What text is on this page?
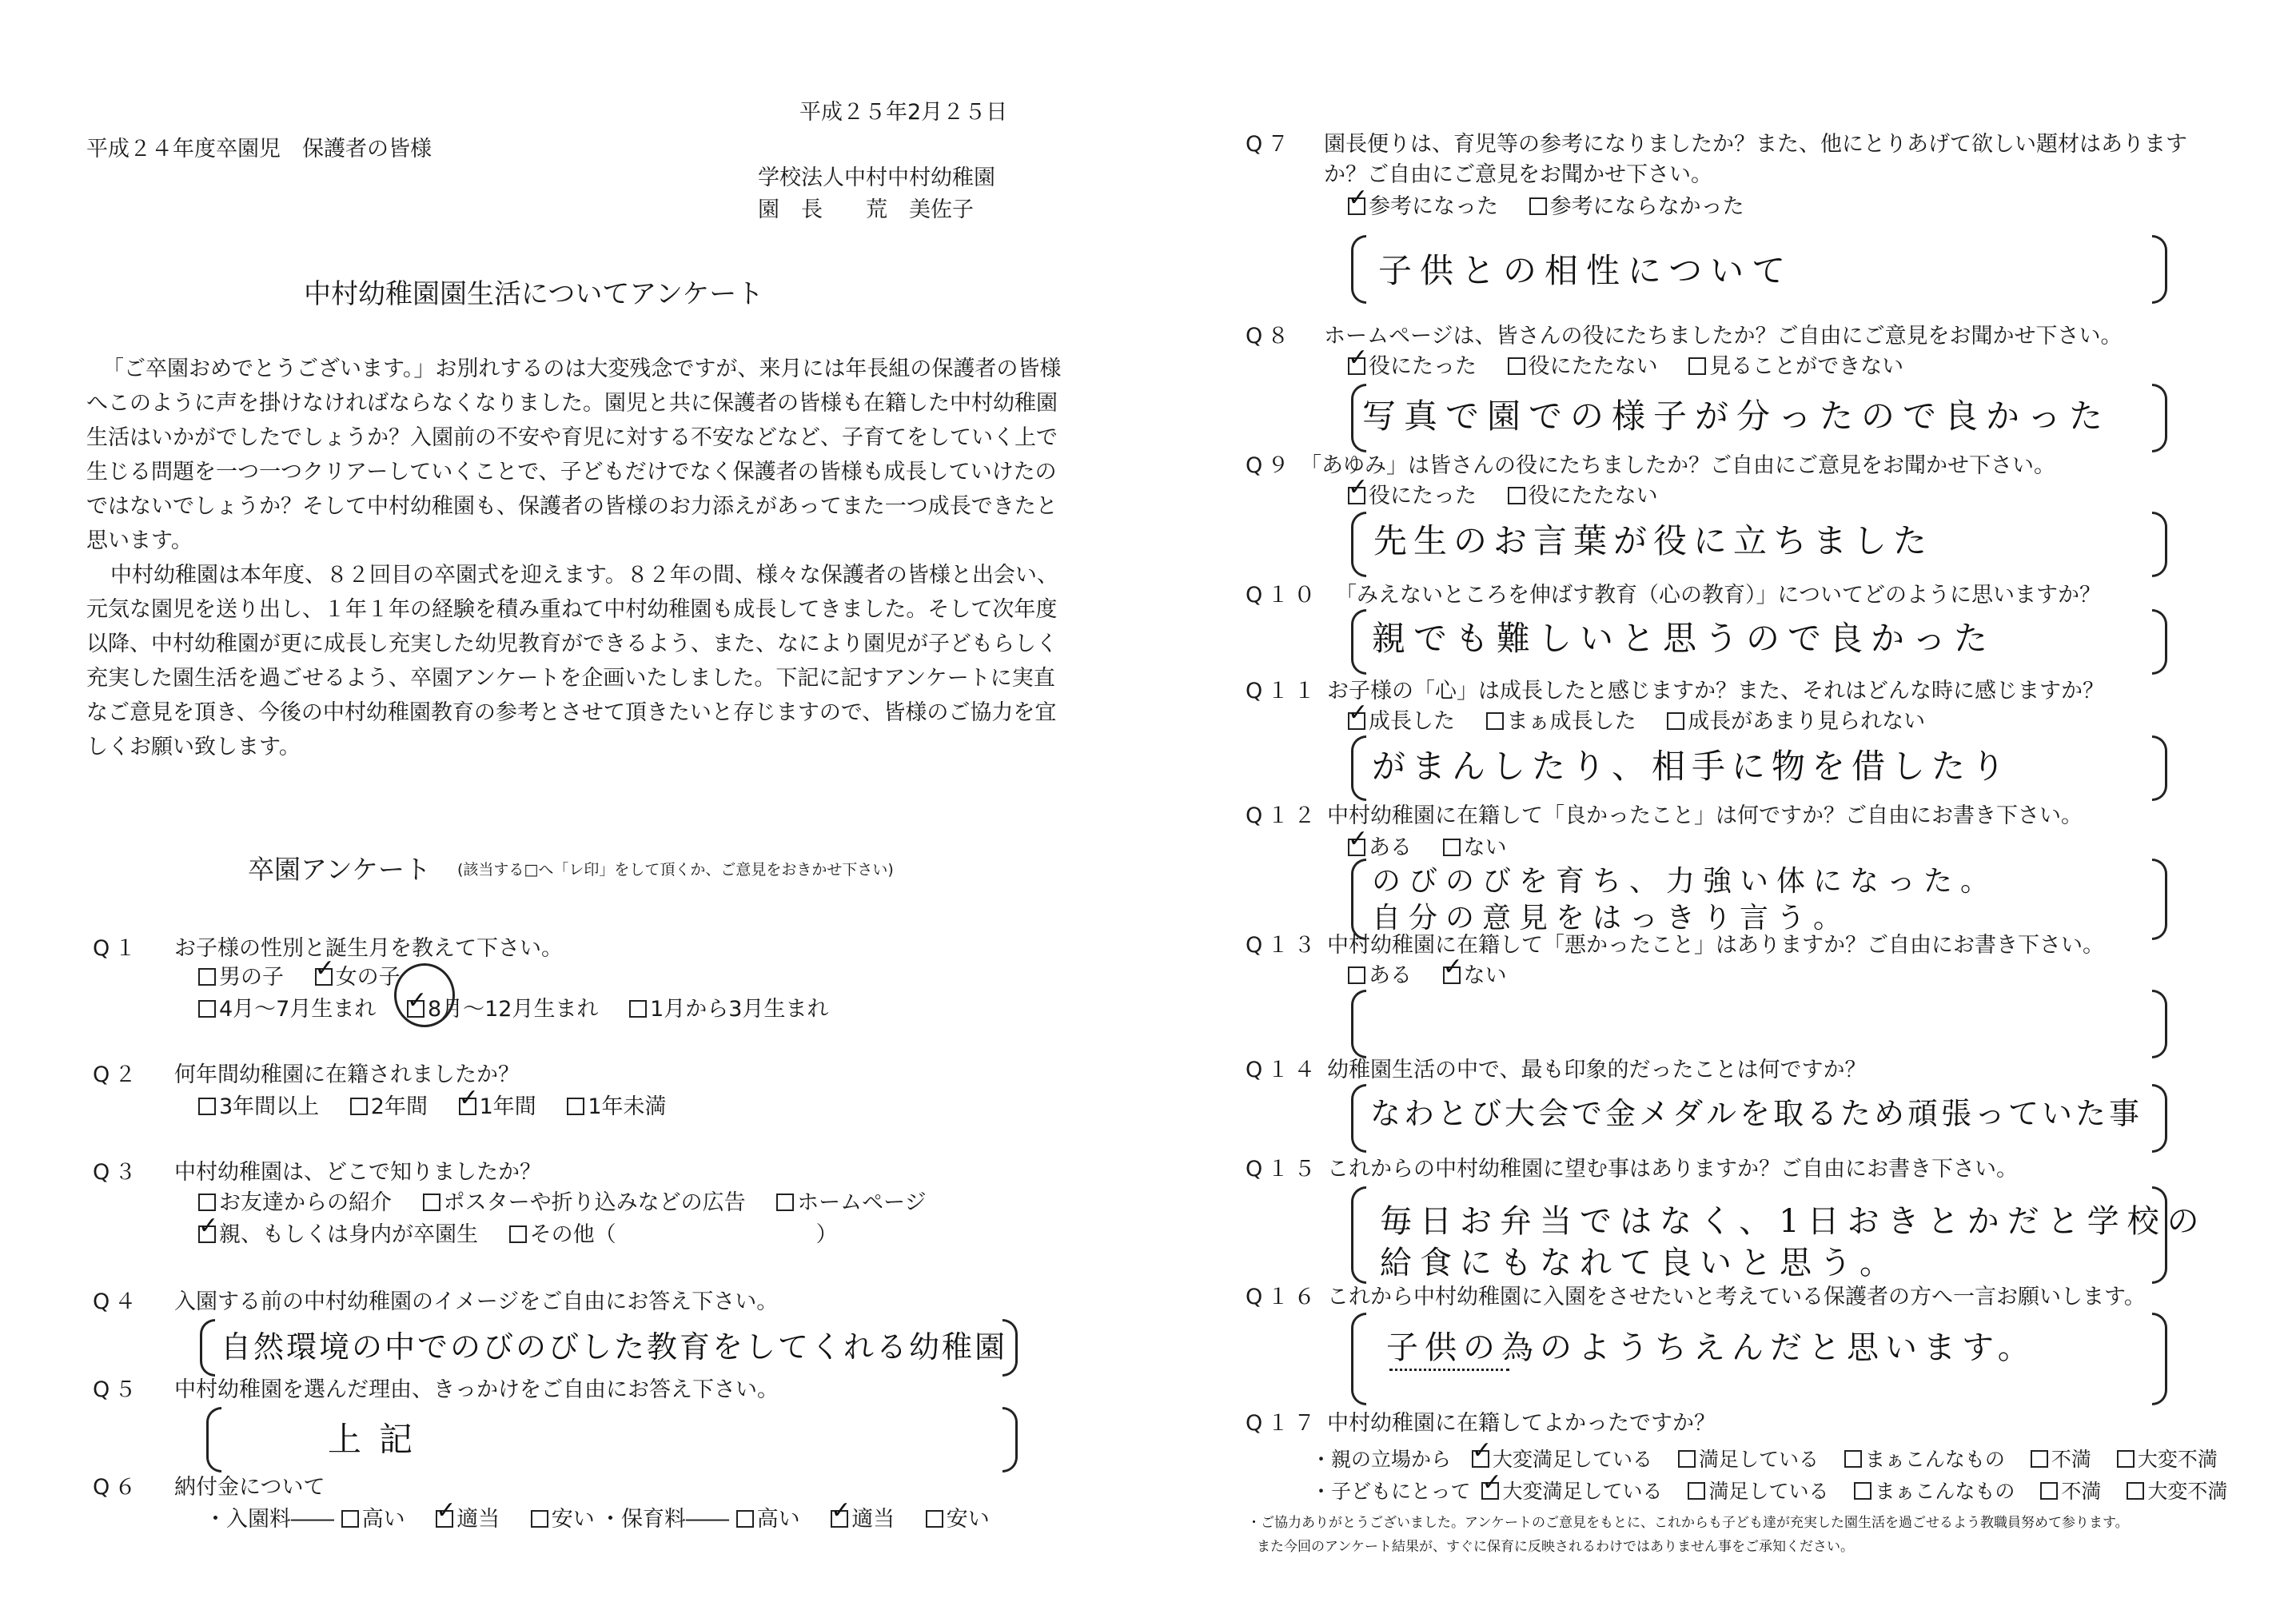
平成２５年2月２５日
平成２４年度卒園児　保護者の皆様
学校法人中村中村幼稚園
園　長　　荒　美佐子
中村幼稚園園生活についてアンケート
「ご卒園おめでとうございます。」お別れするのは大変残念ですが、来月には年長組の保護者の皆様へこのように声を掛けなければならなくなりました。園児と共に保護者の皆様も在籍した中村幼稚園生活はいかがでしたでしょうか？入園前の不安や育児に対する不安などなど、子育てをしていく上で生じる問題を一つ一つクリアーしていくことで、子どもだけでなく保護者の皆様も成長していけたのではないでしょうか？そして中村幼稚園も、保護者の皆様のお力添えがあってまた一つ成長できたと思います。
中村幼稚園は本年度、８２回目の卒園式を迎えます。８２年の間、様々な保護者の皆様と出会い、元気な園児を送り出し、１年１年の経験を積み重ねて中村幼稚園も成長してきました。そして次年度以降、中村幼稚園が更に成長し充実した幼児教育ができるよう、また、なにより園児が子どもらしく充実した園生活を過ごせるよう、卒園アンケートを企画いたしました。下記に記すアンケートに実直なご意見を頂き、今後の中村幼稚園教育の参考とさせて頂きたいと存じますので、皆様のご協力を宜しくお願い致します。
卒園アンケート (該当する□へ「レ印」をして頂くか、ご意見をおきかせ下さい)
Q１ お子様の性別と誕生月を教えて下さい。
男の子 ✓ 女の子
4月～7月生まれ ✓ 8月～12月生まれ 1月から3月生まれ
Q２ 何年間幼稚園に在籍されましたか？
3年間以上 2年間 ✓ 1年間 1年未満
Q３ 中村幼稚園は、どこで知りましたか？
お友達からの紹介 ポスターや折り込みなどの広告 ホームページ
✓親、もしくは身内が卒園生 その他（	）
Q４ 入園する前の中村幼稚園のイメージをご自由にお答え下さい。
自然環境の中でのびのびした教育をしてくれる幼稚園
Q５ 中村幼稚園を選んだ理由、きっかけをご自由にお答え下さい。
上記
Q６ 納付金について
・入園料―― 高い ✓ 適当 安い ・保育料―― 高い ✓ 適当 安い
Q７ 園長便りは、育児等の参考になりましたか？また、他にとりあげて欲しい題材はあります
か？ご自由にご意見をお聞かせ下さい。
✓参考になった 参考にならなかった
子供との相性について
Q８ ホームページは、皆さんの役にたちましたか？ご自由にご意見をお聞かせ下さい。
✓役にたった 役にたたない 見ることができない
写真で園での様子が分ったので良かった
Q９ 「あゆみ」は皆さんの役にたちましたか？ご自由にご意見をお聞かせ下さい。
✓役にたった 役にたたない
先生のお言葉が役に立ちました
Q１０ 「みえないところを伸ばす教育（心の教育）」についてどのように思いますか？
親でも難しいと思うので良かった
Q１１ お子様の「心」は成長したと感じますか？また、それはどんな時に感じますか？
✓成長した まぁ成長した 成長があまり見られない
がまんしたり、相手に物を借したり
Q１２ 中村幼稚園に在籍して「良かったこと」は何ですか？ご自由にお書き下さい。
✓ある ない
のびのびを育ち、力強い体になった。
自分の意見をはっきり言う。
Q１３ 中村幼稚園に在籍して「悪かったこと」はありますか？ご自由にお書き下さい。
ある ✓ ない
Q１４ 幼稚園生活の中で、最も印象的だったことは何ですか？
なわとび大会で金メダルを取るため頑張っていた事
Q１５ これからの中村幼稚園に望む事はありますか？ご自由にお書き下さい。
毎日お弁当ではなく、1日おきとかだと学校の
給食にもなれて良いと思う。
Q１６ これから中村幼稚園に入園をさせたいと考えている保護者の方へ一言お願いします。
子供の為のようちえんだと思います。
Q１７ 中村幼稚園に在籍してよかったですか？
・親の立場から ✓ 大変満足している 満足している まぁこんなもの 不満 大変不満
・子どもにとって ✓ 大変満足している 満足している まぁこんなもの 不満 大変不満
・ご協力ありがとうございました。アンケートのご意見をもとに、これからも子ども達が充実した園生活を過ごせるよう教職員努めて参ります。
また今回のアンケート結果が、すぐに保育に反映されるわけではありません事をご承知ください。
